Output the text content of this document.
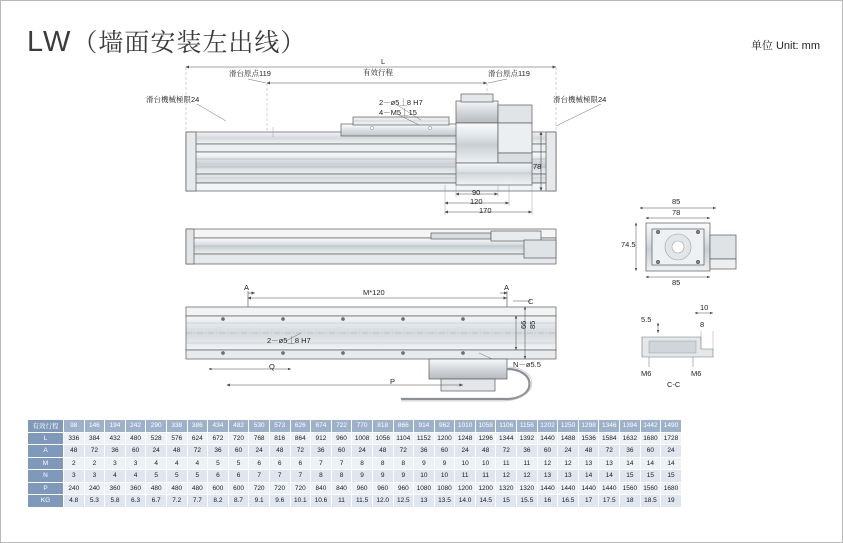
LW（墙面安装左出线）	单位 Unit: mm
滑台原点119	有效行程	滑台原点119
滑台機械極限24	滑台機械極限24
2－ø5⏊8 H7
4－M5⏊15
L
78
90
120
170
85
78
74.5
85
A	A
M*120
C
2－ø5⏊8 H7
85
66
N－ø5.5
P
Q
10
5.5
8
M6	M6
C-C
有效行程	98	146	194	242	290	338	386	434	482	530	573	626	674	722	770	818	866	914	962	1010	1058	1106	1156	1202	1250	1298	1346	1394	1442	1490
L	336	384	432	480	528	576	624	672	720	768	816	864	912	960	1008	1056	1104	1152	1200	1248	1296	1344	1392	1440	1488	1536	1584	1632	1680	1728
A	48	72	36	60	24	48	72	36	60	24	48	72	36	60	24	48	72	36	60	24	48	72	36	60	24	48	72	36	60	24
M	2	2	3	3	4	4	4	5	5	6	6	6	7	7	8	8	8	9	9	10	10	11	11	12	12	13	13	14	14	14
N	3	3	4	4	5	5	5	6	6	7	7	7	8	8	9	9	9	10	10	11	11	12	12	13	13	14	14	15	15	15
P	240	240	360	360	480	480	480	600	600	720	720	720	840	840	960	960	960	1080	1080	1200	1200	1320	1320	1440	1440	1440	1440	1560	1560	1680
KG	4.8	5.3	5.8	6.3	6.7	7.2	7.7	8.2	8.7	9.1	9.6	10.1	10.6	11	11.5	12.0	12.5	13	13.5	14.0	14.5	15	15.5	16	16.5	17	17.5	18	18.5	19
